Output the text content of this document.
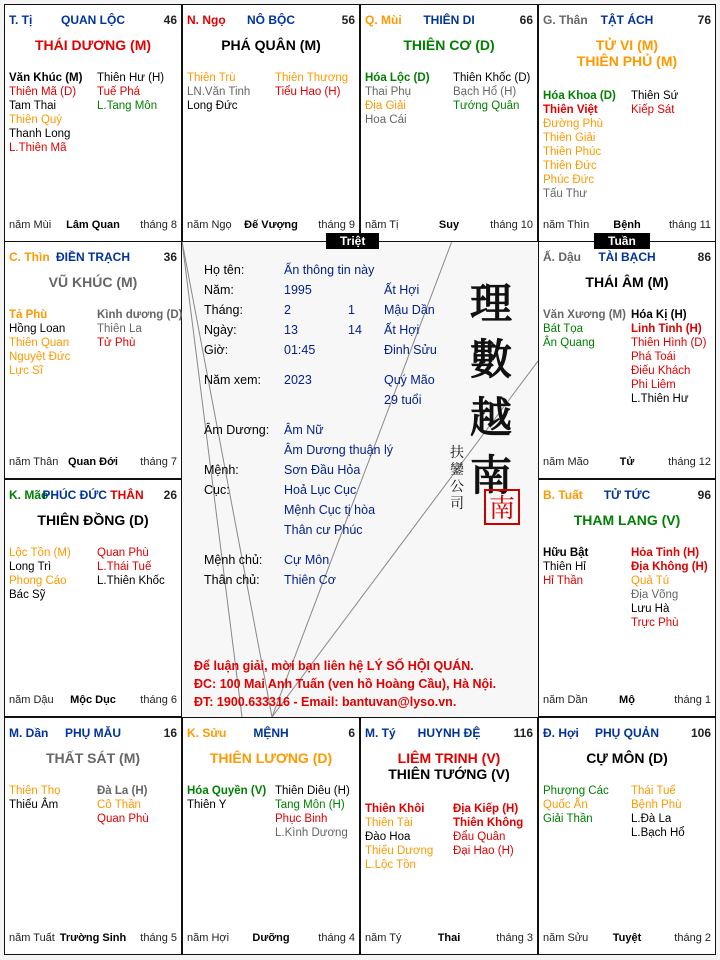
Họ tên:	Ẩn thông tin này
Năm:	1995	Ất Hợi
Tháng:	2	1 Mậu Dần
Ngày:	13	14 Ất Hợi
Giờ:	01:45	Đinh Sửu
Năm xem: 2023	Quý Mão
29 tuổi
Âm Dương: Âm Nữ
Âm Dương thuận lý
Mệnh:	Sơn Đầu Hỏa
Cục:	Hoả Lục Cục
Mệnh Cục tị hòa
Thân cư Phúc
Mệnh chủ: Cự Môn
Thân chủ: Thiên Cơ
理
數
越
南
扶鑾公司 南
Để luận giải, mời bạn liên hệ LÝ SỐ HỘI QUÁN.
ĐC: 100 Mai Anh Tuấn (ven hồ Hoàng Cầu), Hà Nội.
ĐT: 1900.633316 - Email: bantuvan@lyso.vn.
T. Tị	QUAN LỘC	46
THÁI DƯƠNG (M)
Văn Khúc (M)
Thiên Mã (D)
Tam Thai
Thiên Quý
Thanh Long
L.Thiên Mã
Thiên Hư (H)
Tuế Phá
L.Tang Môn
năm Mùi	Lâm Quan	tháng 8
N. Ngọ	NÔ BỘC	56
PHÁ QUÂN (M)
Thiên Trù
LN.Văn Tinh
Long Đức
Thiên Thương
Tiểu Hao (H)
năm Ngọ	Đế Vượng	tháng 9
Q. Mùi	THIÊN DI	66
THIÊN CƠ (D)
Hóa Lộc (D)
Thai Phụ
Địa Giải
Hoa Cái
Thiên Khốc (D)
Bạch Hổ (H)
Tướng Quân
năm Tị	Suy	tháng 10
G. Thân	TẬT ÁCH	76
TỬ VI (M)
THIÊN PHỦ (M)
Hóa Khoa (D)
Thiên Việt
Đường Phù
Thiên Giải
Thiên Phúc
Thiên Đức
Phúc Đức
Tấu Thư
Thiên Sứ
Kiếp Sát
năm Thìn	Bệnh	tháng 11
C. Thìn ĐIỀN TRẠCH	36
VŨ KHÚC (M)
Tả Phù
Hồng Loan
Thiên Quan
Nguyệt Đức
Lực Sĩ
Kình dương (D)
Thiên La
Tử Phù
năm Thân Quan Đới	tháng 7
Ấ. Dậu	TÀI BẠCH	86
THÁI ÂM (M)
Văn Xương (M)
Bát Tọa
Ân Quang
Hóa Kị (H)
Linh Tinh (H)
Thiên Hình (D)
Phá Toái
Điếu Khách
Phi Liêm
L.Thiên Hư
năm Mão	Tử	tháng 12
K. Mão
PHÚC ĐỨC THÂN	26
THIÊN ĐỒNG (D)
Lộc Tồn (M)
Long Trì
Phong Cáo
Bác Sỹ
Quan Phù
L.Thái Tuế
L.Thiên Khốc
năm Dậu	Mộc Dục	tháng 6
B. Tuất	TỬ TỨC	96
THAM LANG (V)
Hữu Bật
Thiên Hỉ
Hỉ Thần
Hỏa Tinh (H)
Địa Không (H)
Quả Tú
Địa Võng
Lưu Hà
Trực Phù
năm Dần	Mộ	tháng 1
M. Dần	PHỤ MẪU	16
THẤT SÁT (M)
Thiên Thọ
Thiếu Âm
Đà La (H)
Cô Thần
Quan Phù
năm Tuất Trường Sinh	tháng 5
K. Sửu	MỆNH	6
THIÊN LƯƠNG (D)
Hóa Quyền (V)
Thiên Y
Thiên Diêu (H)
Tang Môn (H)
Phục Binh
L.Kình Dương
năm Hợi	Dưỡng	tháng 4
M. Tý	HUYNH ĐỆ	116
LIÊM TRINH (V)
THIÊN TƯỚNG (V)
Thiên Khôi
Thiên Tài
Đào Hoa
Thiếu Dương
L.Lộc Tồn
Địa Kiếp (H)
Thiên Không
Đẩu Quân
Đại Hao (H)
năm Tý	Thai	tháng 3
Đ. Hợi	PHỤ QUẢN	106
CỰ MÔN (D)
Phượng Các
Quốc Ấn
Giải Thần
Thái Tuế
Bệnh Phù
L.Đà La
L.Bạch Hổ
năm Sửu	Tuyệt	tháng 2
Triệt	Tuần
